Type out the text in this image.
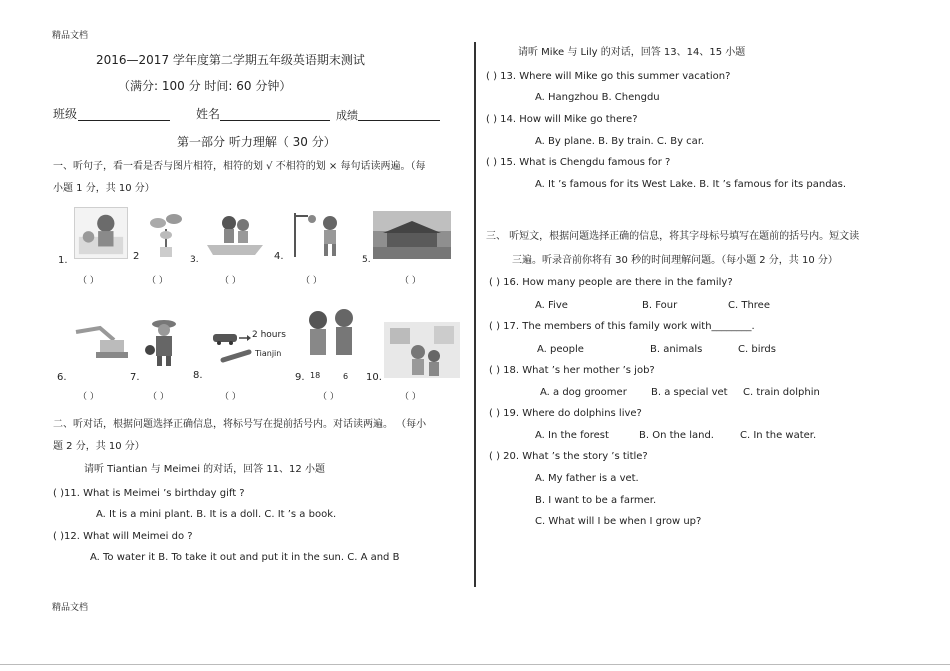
精品文档
精品文档
2016—2017 学年度第二学期五年级英语期末测试
（满分: 100 分 时间: 60 分钟）
班级	姓名	成绩
第一部分 听力理解（ 30 分）
一、听句子，看一看是否与图片相符，相符的划 √ 不相符的划 × 每句话读两遍。（每
小题 1 分，共 10 分）
1.	2	3.	4.	5.
（ ）	（ ）	（ ）	（ ）	（ ）
2 hours
Tianjin
18	6
6.	7.	8.	9.	10.
（ ）	（ ）	（ ）	（ ）	（ ）
二、听对话，根据问题选择正确信息，将标号写在提前括号内。对话读两遍。 （每小
题 2 分，共 10 分）
请听 Tiantian 与 Meimei 的对话，回答 11、12 小题
( )11. What is Meimei ’s birthday gift ?
A. It is a mini plant. B. It is a doll. C. It ’s a book.
( )12. What will Meimei do ?
A. To water it B. To take it out and put it in the sun. C. A and B
请听 Mike 与 Lily 的对话，回答 13、14、15 小题
( ) 13. Where will Mike go this summer vacation?
A. Hangzhou B. Chengdu
( ) 14. How will Mike go there?
A. By plane. B. By train. C. By car.
( ) 15. What is Chengdu famous for ?
A. It ’s famous for its West Lake. B. It ’s famous for its pandas.
三、 听短文，根据问题选择正确的信息，将其字母标号填写在题前的括号内。短文读
三遍。听录音前你将有 30 秒的时间理解问题。（每小题 2 分，共 10 分）
( ) 16. How many people are there in the family?
A. Five	B. Four	C. Three
( ) 17. The members of this family work with________.
A. people	B. animals	C. birds
( ) 18. What ’s her mother ’s job?
A. a dog groomer B. a special vet C. train dolphin
( ) 19. Where do dolphins live?
A. In the forest	B. On the land.	C. In the water.
( ) 20. What ’s the story ’s title?
A. My father is a vet.
B. I want to be a farmer.
C. What will I be when I grow up?
